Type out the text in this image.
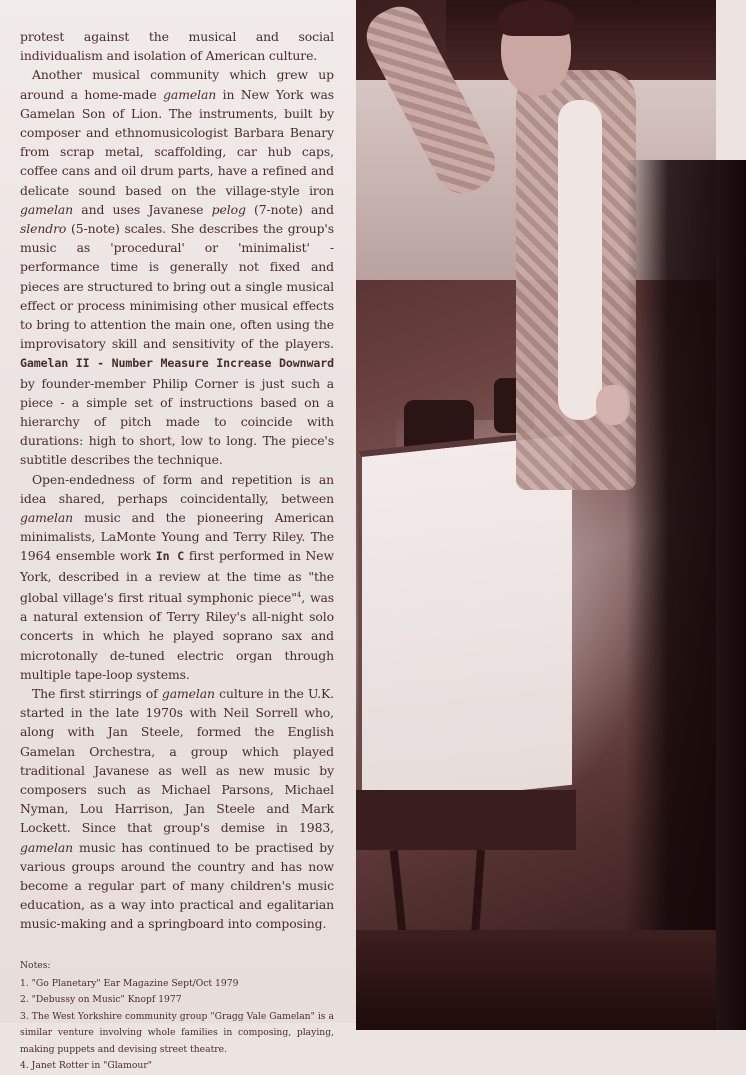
protest against the musical and social individualism and isolation of American culture.

Another musical community which grew up around a home-made gamelan in New York was Gamelan Son of Lion. The instruments, built by composer and ethnomusicologist Barbara Benary from scrap metal, scaffolding, car hub caps, coffee cans and oil drum parts, have a refined and delicate sound based on the village-style iron gamelan and uses Javanese pelog (7-note) and slendro (5-note) scales. She describes the group's music as 'procedural' or 'minimalist' - performance time is generally not fixed and pieces are structured to bring out a single musical effect or process minimising other musical effects to bring to attention the main one, often using the improvisatory skill and sensitivity of the players. Gamelan II - Number Measure Increase Downward by founder-member Philip Corner is just such a piece - a simple set of instructions based on a hierarchy of pitch made to coincide with durations: high to short, low to long. The piece's subtitle describes the technique.

Open-endedness of form and repetition is an idea shared, perhaps coincidentally, between gamelan music and the pioneering American minimalists, LaMonte Young and Terry Riley. The 1964 ensemble work In C first performed in New York, described in a review at the time as "the global village's first ritual symphonic piece"$^4$, was a natural extension of Terry Riley's all-night solo concerts in which he played soprano sax and microtonally de-tuned electric organ through multiple tape-loop systems.

The first stirrings of gamelan culture in the U.K. started in the late 1970s with Neil Sorrell who, along with Jan Steele, formed the English Gamelan Orchestra, a group which played traditional Javanese as well as new music by composers such as Michael Parsons, Michael Nyman, Lou Harrison, Jan Steele and Mark Lockett. Since that group's demise in 1983, gamelan music has continued to be practised by various groups around the country and has now become a regular part of many children's music education, as a way into practical and egalitarian music-making and a springboard into composing.

Notes:

1. "Go Planetary" Ear Magazine Sept/Oct 1979

2. "Debussy on Music" Knopf 1977

3. The West Yorkshire community group "Gragg Vale Gamelan" is a similar venture involving whole families in composing, playing, making puppets and devising street theatre.

4. Janet Rotter in "Glamour"
